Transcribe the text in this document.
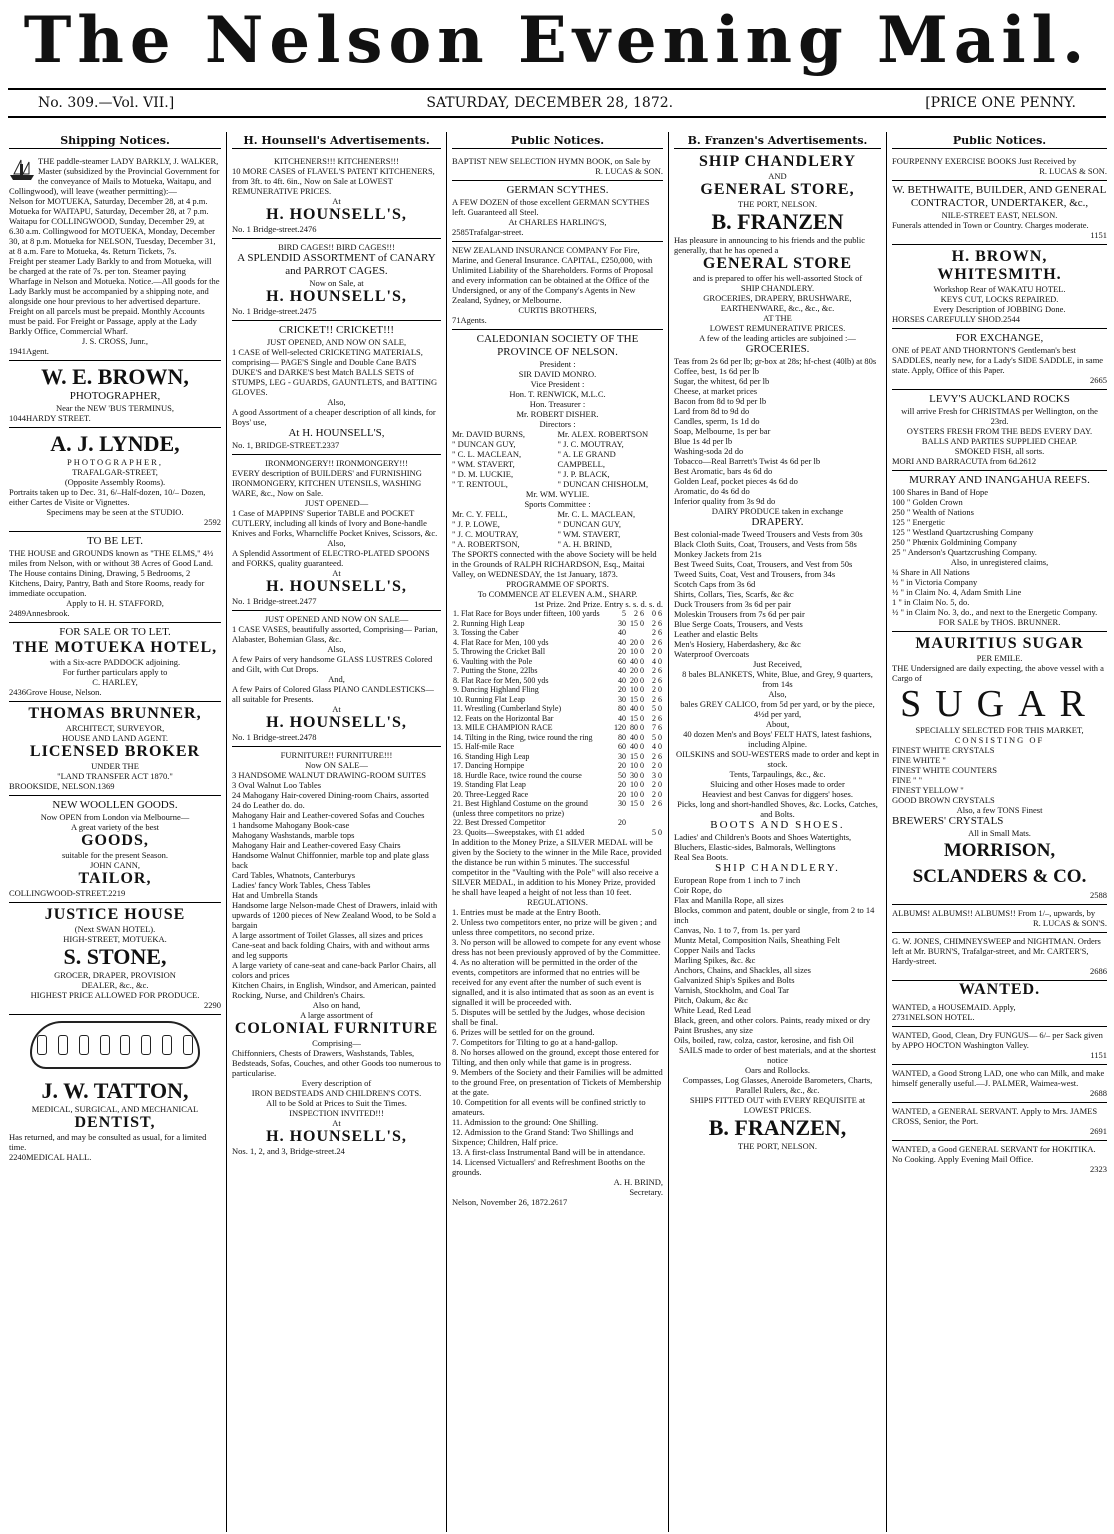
The Nelson Evening Mail.
No. 309.—Vol. VII.]	SATURDAY, DECEMBER 28, 1872.	[PRICE ONE PENNY.
Shipping Notices.

THE paddle-steamer LADY BARKLY, J. WALKER, Master (subsidized by the Provincial Government for the conveyance of Mails to Motueka, Waitapu, and Collingwood), will leave (weather permitting):—

Nelson for MOTUEKA, Saturday, December 28, at 4 p.m. Motueka for WAITAPU, Saturday, December 28, at 7 p.m. Waitapu for COLLINGWOOD, Sunday, December 29, at 6.30 a.m. Collingwood for MOTUEKA, Monday, December 30, at 8 p.m. Motueka for NELSON, Tuesday, December 31, at 8 a.m. Fare to Motueka, 4s. Return Tickets, 7s.

Freight per steamer Lady Barkly to and from Motueka, will be charged at the rate of 7s. per ton. Steamer paying Wharfage in Nelson and Motueka. Notice.—All goods for the Lady Barkly must be accompanied by a shipping note, and alongside one hour previous to her advertised departure. Freight on all parcels must be prepaid. Monthly Accounts must be paid. For Freight or Passage, apply at the Lady Barkly Office, Commercial Wharf.

J. S. CROSS, Junr.,

1941 Agent.

W. E. BROWN,

PHOTOGRAPHER,

Near the NEW 'BUS TERMINUS,

1044 HARDY STREET.

A. J. LYNDE,

PHOTOGRAPHER,

TRAFALGAR-STREET,

(Opposite Assembly Rooms).

Portraits taken up to Dec. 31, 6/–Half-dozen, 10/– Dozen, either Cartes de Visite or Vignettes.

Specimens may be seen at the STUDIO.

2592

TO BE LET.

THE HOUSE and GROUNDS known as "THE ELMS," 4½ miles from Nelson, with or without 38 Acres of Good Land. The House contains Dining, Drawing, 5 Bedrooms, 2 Kitchens, Dairy, Pantry, Bath and Store Rooms, ready for immediate occupation.

Apply to H. H. STAFFORD,

2489 Annesbrook.

FOR SALE OR TO LET.

THE MOTUEKA HOTEL,

with a Six-acre PADDOCK adjoining.

For further particulars apply to

C. HARLEY,

2436 Grove House, Nelson.

THOMAS BRUNNER,

ARCHITECT, SURVEYOR,

HOUSE AND LAND AGENT.

LICENSED BROKER

UNDER THE

"LAND TRANSFER ACT 1870."

BROOKSIDE, NELSON. 1369

NEW WOOLLEN GOODS.

Now OPEN from London via Melbourne—

A great variety of the best

GOODS,

suitable for the present Season.

JOHN CANN,

TAILOR,

COLLINGWOOD-STREET. 2219

JUSTICE HOUSE

(Next SWAN HOTEL).

HIGH-STREET, MOTUEKA.

S. STONE,

GROCER, DRAPER, PROVISION

DEALER, &c., &c.

HIGHEST PRICE ALLOWED FOR PRODUCE.

2290

J. W. TATTON,

MEDICAL, SURGICAL, AND MECHANICAL

DENTIST,

Has returned, and may be consulted as usual, for a limited time.

2240 MEDICAL HALL.
H. Hounsell's Advertisements.

KITCHENERS!!! KITCHENERS!!!

10 MORE CASES of FLAVEL'S PATENT KITCHENERS, from 3ft. to 4ft. 6in., Now on Sale at LOWEST REMUNERATIVE PRICES.

At

H. HOUNSELL'S,

No. 1 Bridge-street. 2476

BIRD CAGES!! BIRD CAGES!!!

A SPLENDID ASSORTMENT of CANARY and PARROT CAGES.

Now on Sale, at

H. HOUNSELL'S,

No. 1 Bridge-street. 2475

CRICKET!! CRICKET!!!

JUST OPENED, AND NOW ON SALE,

1 CASE of Well-selected CRICKETING MATERIALS, comprising— PAGE'S Single and Double Cane BATS DUKE'S and DARKE'S best Match BALLS SETS of STUMPS, LEG - GUARDS, GAUNTLETS, and BATTING GLOVES.

Also,

A good Assortment of a cheaper description of all kinds, for Boys' use,

At H. HOUNSELL'S,

No. 1, BRIDGE-STREET. 2337

IRONMONGERY!! IRONMONGERY!!!

EVERY description of BUILDERS' and FURNISHING IRONMONGERY, KITCHEN UTENSILS, WASHING WARE, &c., Now on Sale.

JUST OPENED—

1 Case of MAPPINS' Superior TABLE and POCKET CUTLERY, including all kinds of Ivory and Bone-handle Knives and Forks, Wharncliffe Pocket Knives, Scissors, &c.

Also,

A Splendid Assortment of ELECTRO-PLATED SPOONS and FORKS, quality guaranteed.

At

H. HOUNSELL'S,

No. 1 Bridge-street. 2477

JUST OPENED AND NOW ON SALE—

1 CASE VASES, beautifully assorted, Comprising— Parian, Alabaster, Bohemian Glass, &c.

Also,

A few Pairs of very handsome GLASS LUSTRES Colored and Gilt, with Cut Drops.

And,

A few Pairs of Colored Glass PIANO CANDLESTICKS—all suitable for Presents.

At

H. HOUNSELL'S,

No. 1 Bridge-street. 2478

FURNITURE!! FURNITURE!!!

Now ON SALE—

3 HANDSOME WALNUT DRAWING-ROOM SUITES

3 Oval Walnut Loo Tables

24 Mahogany Hair-covered Dining-room Chairs, assorted

24 do Leather do. do.

Mahogany Hair and Leather-covered Sofas and Couches

1 handsome Mahogany Book-case

Mahogany Washstands, marble tops

Mahogany Hair and Leather-covered Easy Chairs

Handsome Walnut Chiffonnier, marble top and plate glass back

Card Tables, Whatnots, Canterburys

Ladies' fancy Work Tables, Chess Tables

Hat and Umbrella Stands

Handsome large Nelson-made Chest of Drawers, inlaid with upwards of 1200 pieces of New Zealand Wood, to be Sold a bargain

A large assortment of Toilet Glasses, all sizes and prices

Cane-seat and back folding Chairs, with and without arms and leg supports

A large variety of cane-seat and cane-back Parlor Chairs, all colors and prices

Kitchen Chairs, in English, Windsor, and American, painted

Rocking, Nurse, and Children's Chairs.

Also on hand,

A large assortment of

COLONIAL FURNITURE

Comprising—

Chiffonniers, Chests of Drawers, Washstands, Tables, Bedsteads, Sofas, Couches, and other Goods too numerous to particularise.

Every description of

IRON BEDSTEADS AND CHILDREN'S COTS.

All to be Sold at Prices to Suit the Times.

INSPECTION INVITED!!!

At

H. HOUNSELL'S,

Nos. 1, 2, and 3, Bridge-street. 24
Public Notices.

BAPTIST NEW SELECTION HYMN BOOK, on Sale by

R. LUCAS & SON.

GERMAN SCYTHES.

A FEW DOZEN of those excellent GERMAN SCYTHES left. Guaranteed all Steel.

At CHARLES HARLING'S,

2585 Trafalgar-street.

NEW ZEALAND INSURANCE COMPANY For Fire, Marine, and General Insurance. CAPITAL, £250,000, with Unlimited Liability of the Shareholders. Forms of Proposal and every information can be obtained at the Office of the Undersigned, or any of the Company's Agents in New Zealand, Sydney, or Melbourne.

CURTIS BROTHERS,

71 Agents.

CALEDONIAN SOCIETY OF THE PROVINCE OF NELSON.

President :

SIR DAVID MONRO.

Vice President :

Hon. T. RENWICK, M.L.C.

Hon. Treasurer :

Mr. ROBERT DISHER.

Directors :

Mr. DAVID BURNS,

" DUNCAN GUY,

" C. L. MACLEAN,

" WM. STAVERT,

" D. M. LUCKIE,

" T. RENTOUL,

Mr. ALEX. ROBERTSON

" J. C. MOUTRAY,

" A. LE GRAND CAMPBELL,

" J. P. BLACK,

" DUNCAN CHISHOLM,

Mr. WM. WYLIE.

Sports Committee :

Mr. C. Y. FELL,

" J. P. LOWE,

" J. C. MOUTRAY,

" A. ROBERTSON,

Mr. C. L. MACLEAN,

" DUNCAN GUY,

" WM. STAVERT,

" A. H. BRIND,

The SPORTS connected with the above Society will be held in the Grounds of RALPH RICHARDSON, Esq., Maitai Valley, on WEDNESDAY, the 1st January, 1873.

PROGRAMME OF SPORTS.

To COMMENCE AT ELEVEN A.M., SHARP.

1st Prize. 2nd Prize. Entry s. s. d. s. d.

1. Flat Race for Boys under fifteen, 100 yards	5	2 6	0 6
2. Running High Leap	30	15 0	2 6
3. Tossing the Caber	40		2 6
4. Flat Race for Men, 100 yds	40	20 0	2 6
5. Throwing the Cricket Ball	20	10 0	2 0
6. Vaulting with the Pole	60	40 0	4 0
7. Putting the Stone, 22lbs	40	20 0	2 6
8. Flat Race for Men, 500 yds	40	20 0	2 6
9. Dancing Highland Fling	20	10 0	2 0
10. Running Flat Leap	30	15 0	2 6
11. Wrestling (Cumberland Style)	80	40 0	5 0
12. Feats on the Horizontal Bar	40	15 0	2 6
13. MILE CHAMPION RACE	120	80 0	7 6
14. Tilting in the Ring, twice round the ring	80	40 0	5 0
15. Half-mile Race	60	40 0	4 0
16. Standing High Leap	30	15 0	2 6
17. Dancing Hornpipe	20	10 0	2 0
18. Hurdle Race, twice round the course	50	30 0	3 0
19. Standing Flat Leap	20	10 0	2 0
20. Three-Legged Race	20	10 0	2 0
21. Best Highland Costume on the ground (unless three competitors no prize)	30	15 0	2 6
22. Best Dressed Competitor	20		
23. Quoits—Sweepstakes, with £1 added			5 0

In addition to the Money Prize, a SILVER MEDAL will be given by the Society to the winner in the Mile Race, provided the distance be run within 5 minutes. The successful competitor in the "Vaulting with the Pole" will also receive a SILVER MEDAL, in addition to his Money Prize, provided he shall have leaped a height of not less than 10 feet.

REGULATIONS.

1. Entries must be made at the Entry Booth.

2. Unless two competitors enter, no prize will be given ; and unless three competitors, no second prize.

3. No person will be allowed to compete for any event whose dress has not been previously approved of by the Committee.

4. As no alteration will be permitted in the order of the events, competitors are informed that no entries will be received for any event after the number of such event is signalled, and it is also intimated that as soon as an event is signalled it will be proceeded with.

5. Disputes will be settled by the Judges, whose decision shall be final.

6. Prizes will be settled for on the ground.

7. Competitors for Tilting to go at a hand-gallop.

8. No horses allowed on the ground, except those entered for Tilting, and then only while that game is in progress.

9. Members of the Society and their Families will be admitted to the ground Free, on presentation of Tickets of Membership at the gate.

10. Competition for all events will be confined strictly to amateurs.

11. Admission to the ground: One Shilling.

12. Admission to the Grand Stand: Two Shillings and Sixpence; Children, Half price.

13. A first-class Instrumental Band will be in attendance.

14. Licensed Victuallers' and Refreshment Booths on the grounds.

A. H. BRIND,

Secretary.

Nelson, November 26, 1872. 2617
B. Franzen's Advertisements.

SHIP CHANDLERY

AND

GENERAL STORE,

THE PORT, NELSON.

B. FRANZEN

Has pleasure in announcing to his friends and the public generally, that he has opened a

GENERAL STORE

and is prepared to offer his well-assorted Stock of

SHIP CHANDLERY.

GROCERIES, DRAPERY, BRUSHWARE,

EARTHENWARE, &c., &c., &c.

AT THE

LOWEST REMUNERATIVE PRICES.

A few of the leading articles are subjoined :—

GROCERIES.

Teas from 2s 6d per lb; gr-box at 28s; hf-chest (40lb) at 80s

Coffee, best, 1s 6d per lb

Sugar, the whitest, 6d per lb

Cheese, at market prices

Bacon from 8d to 9d per lb

Lard from 8d to 9d do

Candles, sperm, 1s 1d do

Soap, Melbourne, 1s per bar

Blue 1s 4d per lb

Washing-soda 2d do

Tobacco—Real Barrett's Twist 4s 6d per lb

Best Aromatic, bars 4s 6d do

Golden Leaf, pocket pieces 4s 6d do

Aromatic, do 4s 6d do

Inferior quality from 3s 9d do

DAIRY PRODUCE taken in exchange

DRAPERY.

Best colonial-made Tweed Trousers and Vests from 30s

Black Cloth Suits, Coat, Trousers, and Vests from 58s

Monkey Jackets from 21s

Best Tweed Suits, Coat, Trousers, and Vest from 50s

Tweed Suits, Coat, Vest and Trousers, from 34s

Scotch Caps from 3s 6d

Shirts, Collars, Ties, Scarfs, &c &c

Duck Trousers from 3s 6d per pair

Moleskin Trousers from 7s 6d per pair

Blue Serge Coats, Trousers, and Vests

Leather and elastic Belts

Men's Hosiery, Haberdashery, &c &c

Waterproof Overcoats

Just Received,

8 bales BLANKETS, White, Blue, and Grey, 9 quarters, from 14s

Also,

bales GREY CALICO, from 5d per yard, or by the piece, 4½d per yard,

About,

40 dozen Men's and Boys' FELT HATS, latest fashions, including Alpine.

OILSKINS and SOU-WESTERS made to order and kept in stock.

Tents, Tarpaulings, &c., &c.

Sluicing and other Hoses made to order

Heaviest and best Canvas for diggers' hoses.

Picks, long and short-handled Shoves, &c. Locks, Catches, and Bolts.

BOOTS AND SHOES.

Ladies' and Children's Boots and Shoes Watertights, Bluchers, Elastic-sides, Balmorals, Wellingtons

Real Sea Boots.

SHIP CHANDLERY.

European Rope from 1 inch to 7 inch

Coir Rope, do

Flax and Manilla Rope, all sizes

Blocks, common and patent, double or single, from 2 to 14 inch

Canvas, No. 1 to 7, from 1s. per yard

Muntz Metal, Composition Nails, Sheathing Felt

Copper Nails and Tacks

Marling Spikes, &c. &c

Anchors, Chains, and Shackles, all sizes

Galvanized Ship's Spikes and Bolts

Varnish, Stockholm, and Coal Tar

Pitch, Oakum, &c &c

White Lead, Red Lead

Black, green, and other colors. Paints, ready mixed or dry

Paint Brushes, any size

Oils, boiled, raw, colza, castor, kerosine, and fish Oil

SAILS made to order of best materials, and at the shortest notice

Oars and Rollocks.

Compasses, Log Glasses, Aneroide Barometers, Charts, Parallel Rulers, &c., &c.

SHIPS FITTED OUT with EVERY REQUISITE at LOWEST PRICES.

B. FRANZEN,

THE PORT, NELSON.

Public Notices.

FOURPENNY EXERCISE BOOKS Just Received by

R. LUCAS & SON.

W. BETHWAITE, BUILDER, AND GENERAL CONTRACTOR, UNDERTAKER, &c.,

NILE-STREET EAST, NELSON.

Funerals attended in Town or Country. Charges moderate.

1151

H. BROWN, WHITESMITH.

Workshop Rear of WAKATU HOTEL.

KEYS CUT, LOCKS REPAIRED.

Every Description of JOBBING Done.

HORSES CAREFULLY SHOD. 2544

FOR EXCHANGE,

ONE of PEAT AND THORNTON'S Gentleman's best SADDLES, nearly new, for a Lady's SIDE SADDLE, in same state. Apply, Office of this Paper.

2665

LEVY'S AUCKLAND ROCKS

will arrive Fresh for CHRISTMAS per Wellington, on the 23rd.

OYSTERS FRESH FROM THE BEDS EVERY DAY.

BALLS AND PARTIES SUPPLIED CHEAP.

SMOKED FISH, all sorts.

MORI AND BARRACUTA from 6d. 2612

MURRAY AND INANGAHUA REEFS.

100 Shares in Band of Hope

100 " Golden Crown

250 " Wealth of Nations

125 " Energetic

125 " Westland Quartzcrushing Company

250 " Phœnix Goldmining Company

25 " Anderson's Quartzcrushing Company.

Also, in unregistered claims,

¼ Share in All Nations

½ " in Victoria Company

½ " in Claim No. 4, Adam Smith Line

1 " in Claim No. 5, do.

½ " in Claim No. 3, do., and next to the Energetic Company.

FOR SALE by THOS. BRUNNER.

MAURITIUS SUGAR

PER EMILE.

THE Undersigned are daily expecting, the above vessel with a Cargo of

SUGAR

SPECIALLY SELECTED FOR THIS MARKET,

CONSISTING OF

FINEST WHITE CRYSTALS

FINE WHITE "

FINEST WHITE COUNTERS

FINE " "

FINEST YELLOW "

GOOD BROWN CRYSTALS

Also, a few TONS Finest

BREWERS' CRYSTALS

All in Small Mats.

MORRISON, SCLANDERS & CO.

2588

ALBUMS! ALBUMS!! ALBUMS!! From 1/–, upwards, by

R. LUCAS & SON'S.

G. W. JONES, CHIMNEYSWEEP and NIGHTMAN. Orders left at Mr. BURN'S, Trafalgar-street, and Mr. CARTER'S, Hardy-street.

2686

WANTED.

WANTED, a HOUSEMAID. Apply,

2731 NELSON HOTEL.

WANTED, Good, Clean, Dry FUNGUS— 6/– per Sack given by APPO HOCTON Washington Valley.

1151

WANTED, a Good Strong LAD, one who can Milk, and make himself generally useful.—J. PALMER, Waimea-west.

2688

WANTED, a GENERAL SERVANT. Apply to Mrs. JAMES CROSS, Senior, the Port.

2691

WANTED, a Good GENERAL SERVANT for HOKITIKA. No Cooking. Apply Evening Mail Office.

2323
